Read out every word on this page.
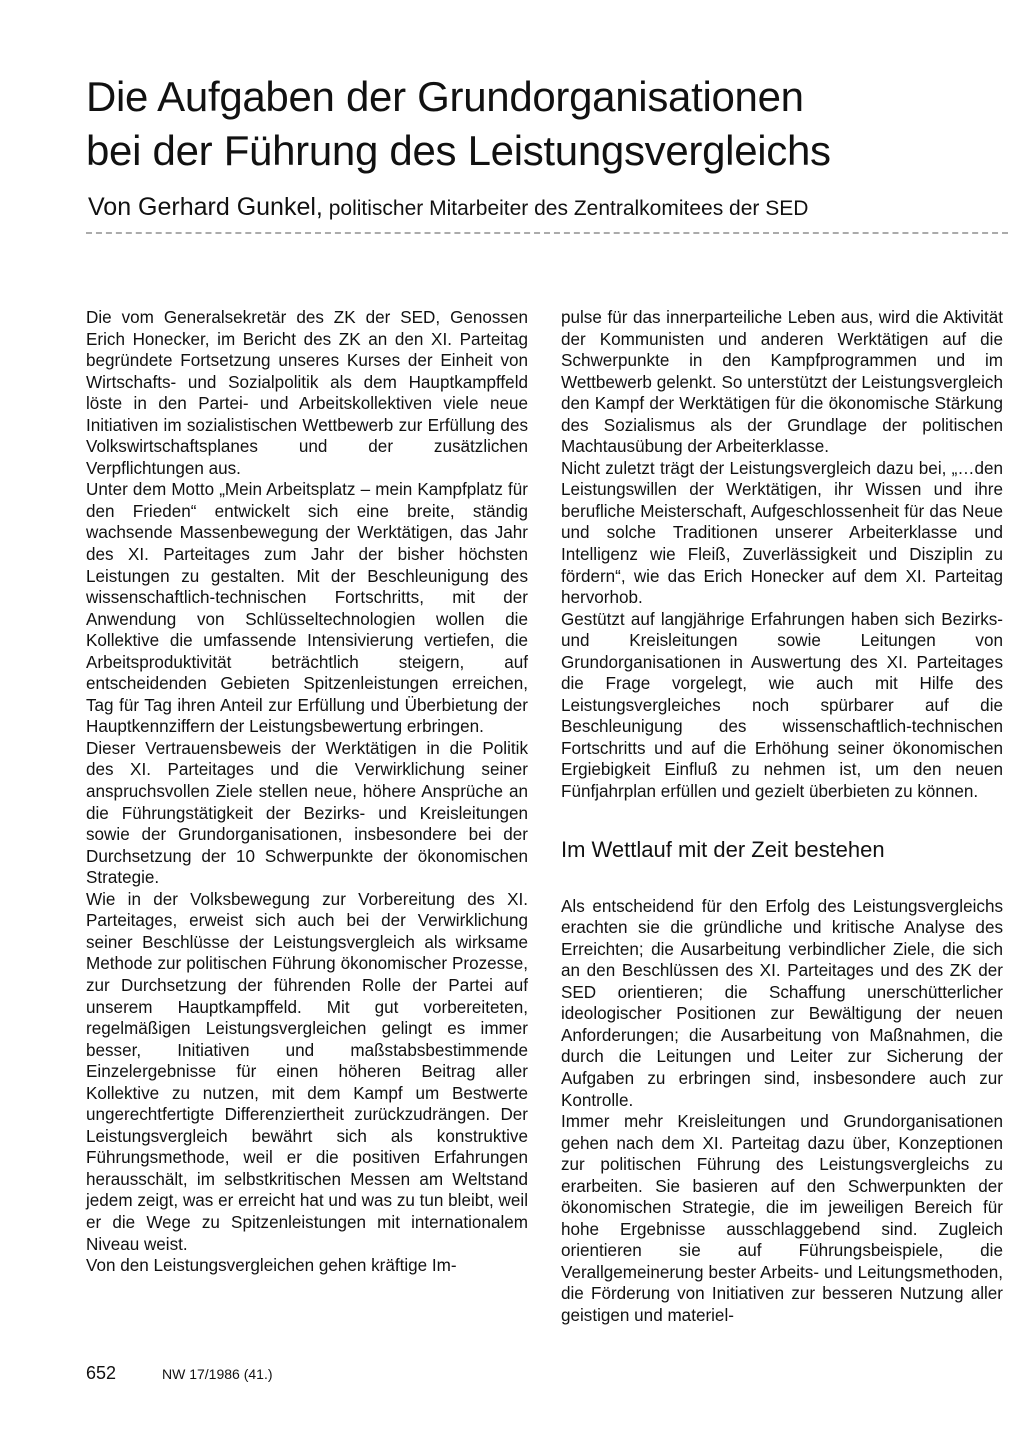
Die Aufgaben der Grundorganisationen
bei der Führung des Leistungsvergleichs
Von Gerhard Gunkel, politischer Mitarbeiter des Zentralkomitees der SED

Die vom Generalsekretär des ZK der SED, Genossen Erich Honecker, im Bericht des ZK an den XI. Parteitag begründete Fortsetzung unseres Kurses der Einheit von Wirtschafts- und Sozialpolitik als dem Hauptkampffeld löste in den Partei- und Arbeitskollektiven viele neue Initiativen im sozialistischen Wettbewerb zur Erfüllung des Volkswirtschaftsplanes und der zusätzlichen Verpflichtungen aus.

Unter dem Motto „Mein Arbeitsplatz – mein Kampfplatz für den Frieden“ entwickelt sich eine breite, ständig wachsende Massenbewegung der Werktätigen, das Jahr des XI. Parteitages zum Jahr der bisher höchsten Leistungen zu gestalten. Mit der Beschleunigung des wissenschaftlich-technischen Fortschritts, mit der Anwendung von Schlüsseltechnologien wollen die Kollektive die umfassende Intensivierung vertiefen, die Arbeitsproduktivität beträchtlich steigern, auf entscheidenden Gebieten Spitzenleistungen erreichen, Tag für Tag ihren Anteil zur Erfüllung und Überbietung der Hauptkennziffern der Leistungsbewertung erbringen.

Dieser Vertrauensbeweis der Werktätigen in die Politik des XI. Parteitages und die Verwirklichung seiner anspruchsvollen Ziele stellen neue, höhere Ansprüche an die Führungstätigkeit der Bezirks- und Kreisleitungen sowie der Grundorganisationen, insbesondere bei der Durchsetzung der 10 Schwerpunkte der ökonomischen Strategie.

Wie in der Volksbewegung zur Vorbereitung des XI. Parteitages, erweist sich auch bei der Verwirklichung seiner Beschlüsse der Leistungsvergleich als wirksame Methode zur politischen Führung ökonomischer Prozesse, zur Durchsetzung der führenden Rolle der Partei auf unserem Hauptkampffeld. Mit gut vorbereiteten, regelmäßigen Leistungsvergleichen gelingt es immer besser, Initiativen und maßstabsbestimmende Einzelergebnisse für einen höheren Beitrag aller Kollektive zu nutzen, mit dem Kampf um Bestwerte ungerechtfertigte Differenziertheit zurückzudrängen. Der Leistungsvergleich bewährt sich als konstruktive Führungsmethode, weil er die positiven Erfahrungen herausschält, im selbstkritischen Messen am Weltstand jedem zeigt, was er erreicht hat und was zu tun bleibt, weil er die Wege zu Spitzenleistungen mit internationalem Niveau weist.

Von den Leistungsvergleichen gehen kräftige Im-

pulse für das innerparteiliche Leben aus, wird die Aktivität der Kommunisten und anderen Werktätigen auf die Schwerpunkte in den Kampfprogrammen und im Wettbewerb gelenkt. So unterstützt der Leistungsvergleich den Kampf der Werktätigen für die ökonomische Stärkung des Sozialismus als der Grundlage der politischen Machtausübung der Arbeiterklasse.

Nicht zuletzt trägt der Leistungsvergleich dazu bei, „…den Leistungswillen der Werktätigen, ihr Wissen und ihre berufliche Meisterschaft, Aufgeschlossenheit für das Neue und solche Traditionen unserer Arbeiterklasse und Intelligenz wie Fleiß, Zuverlässigkeit und Disziplin zu fördern“, wie das Erich Honecker auf dem XI. Parteitag hervorhob.

Gestützt auf langjährige Erfahrungen haben sich Bezirks- und Kreisleitungen sowie Leitungen von Grundorganisationen in Auswertung des XI. Parteitages die Frage vorgelegt, wie auch mit Hilfe des Leistungsvergleiches noch spürbarer auf die Beschleunigung des wissenschaftlich-technischen Fortschritts und auf die Erhöhung seiner ökonomischen Ergiebigkeit Einfluß zu nehmen ist, um den neuen Fünfjahrplan erfüllen und gezielt überbieten zu können.

Im Wettlauf mit der Zeit bestehen

Als entscheidend für den Erfolg des Leistungsvergleichs erachten sie die gründliche und kritische Analyse des Erreichten; die Ausarbeitung verbindlicher Ziele, die sich an den Beschlüssen des XI. Parteitages und des ZK der SED orientieren; die Schaffung unerschütterlicher ideologischer Positionen zur Bewältigung der neuen Anforderungen; die Ausarbeitung von Maßnahmen, die durch die Leitungen und Leiter zur Sicherung der Aufgaben zu erbringen sind, insbesondere auch zur Kontrolle.

Immer mehr Kreisleitungen und Grundorganisationen gehen nach dem XI. Parteitag dazu über, Konzeptionen zur politischen Führung des Leistungsvergleichs zu erarbeiten. Sie basieren auf den Schwerpunkten der ökonomischen Strategie, die im jeweiligen Bereich für hohe Ergebnisse ausschlaggebend sind. Zugleich orientieren sie auf Führungsbeispiele, die Verallgemeinerung bester Arbeits- und Leitungsmethoden, die Förderung von Initiativen zur besseren Nutzung aller geistigen und materiel-

652	NW 17/1986 (41.)
